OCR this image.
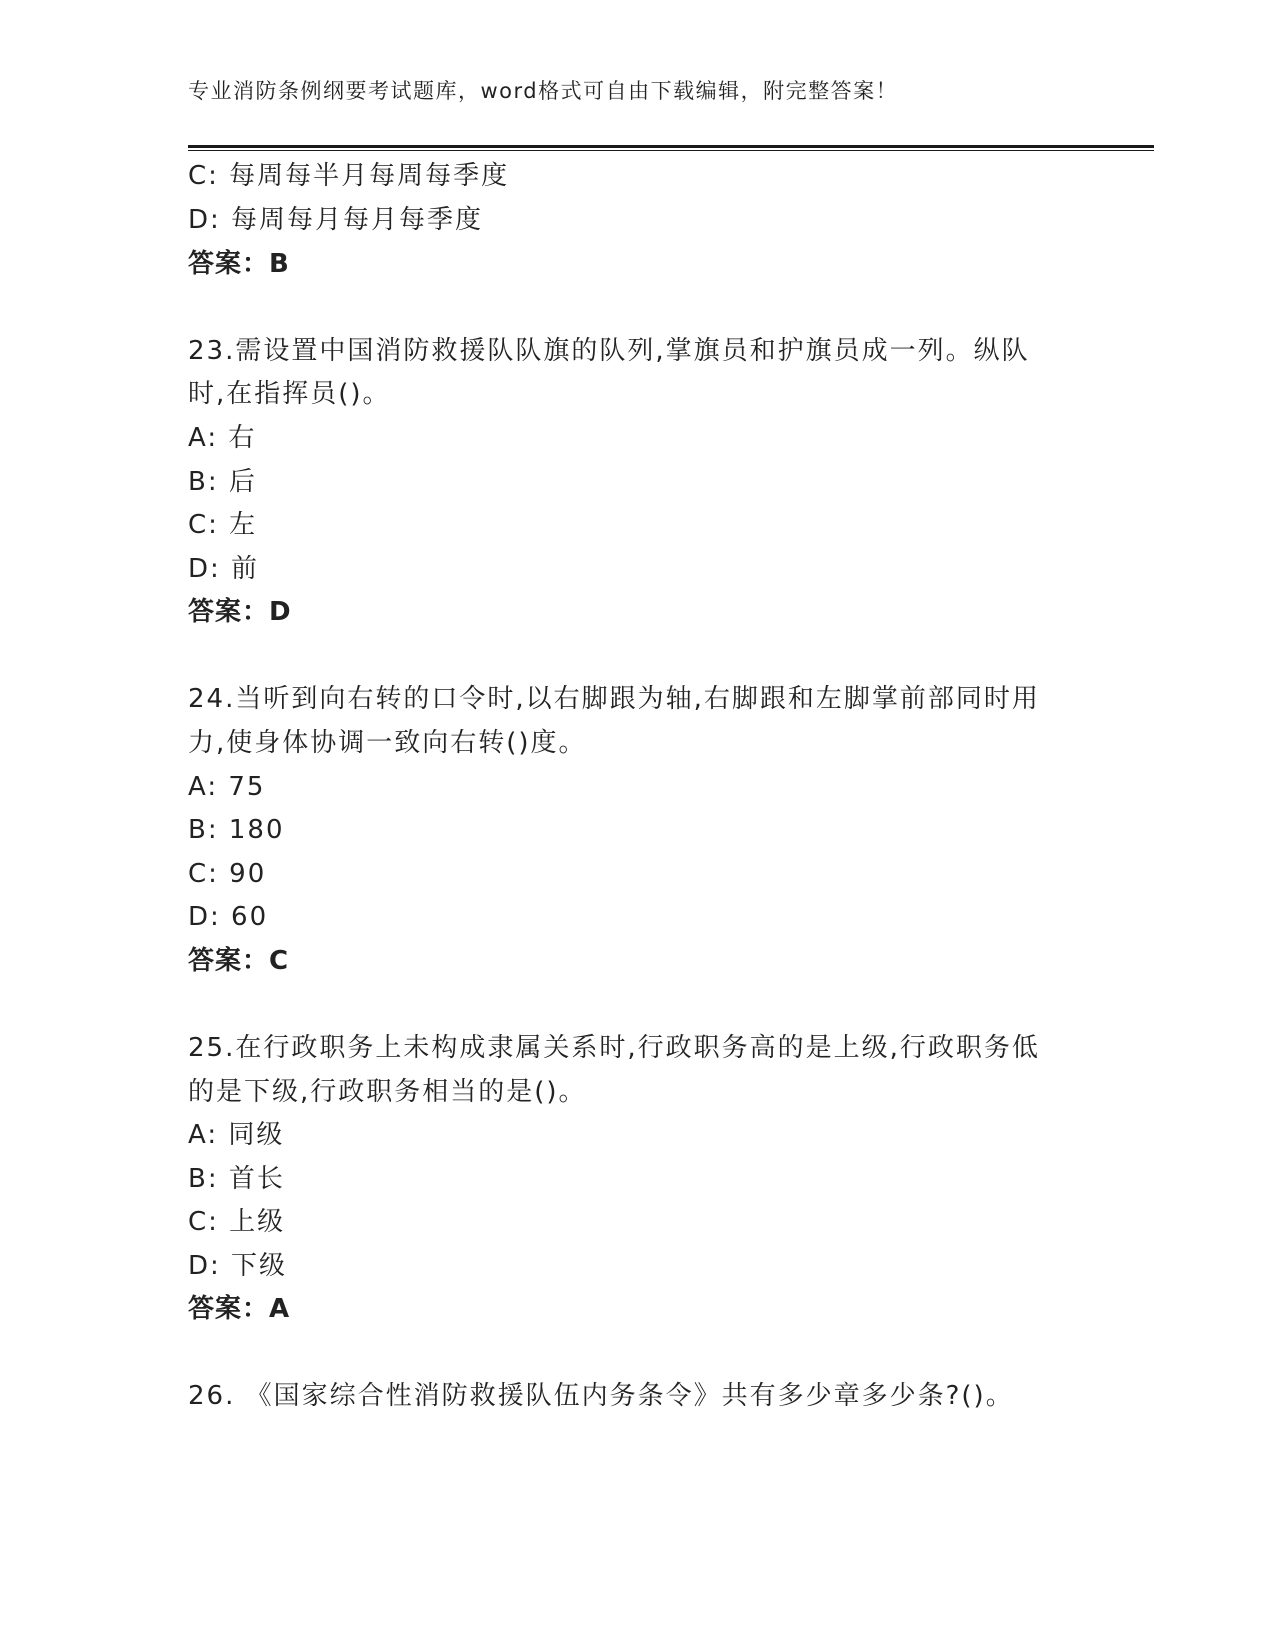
专业消防条例纲要考试题库，word格式可自由下载编辑，附完整答案！
C: 每周每半月每周每季度
D: 每周每月每月每季度
答案：B
23.需设置中国消防救援队队旗的队列,掌旗员和护旗员成一列。纵队
时,在指挥员()。
A: 右
B: 后
C: 左
D: 前
答案：D
24.当听到向右转的口令时,以右脚跟为轴,右脚跟和左脚掌前部同时用
力,使身体协调一致向右转()度。
A: 75
B: 180
C: 90
D: 60
答案：C
25.在行政职务上未构成隶属关系时,行政职务高的是上级,行政职务低
的是下级,行政职务相当的是()。
A: 同级
B: 首长
C: 上级
D: 下级
答案：A
26. 《国家综合性消防救援队伍内务条令》共有多少章多少条?()。
